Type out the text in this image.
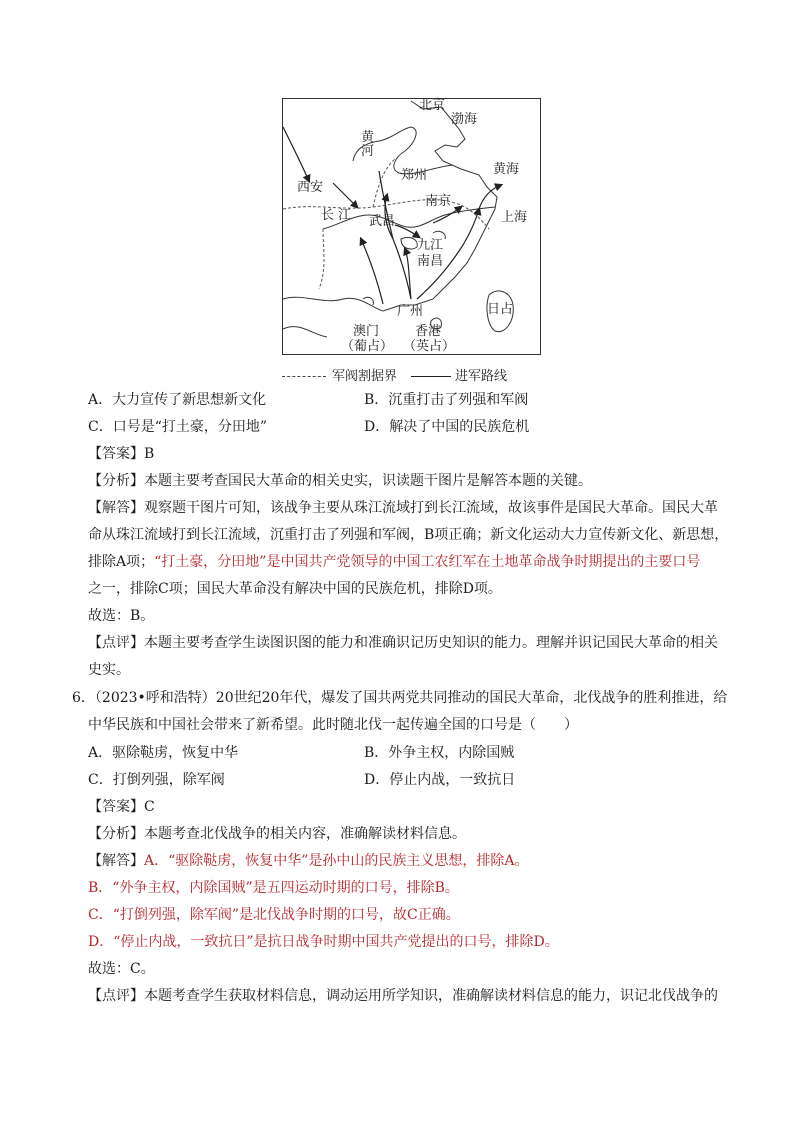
北京
渤海
黄
河
郑州	黄海
西安
南京
长 江 武昌	上海
九江
南昌
广州	日占
澳门	香港
（葡占） （英占）
军阀割据界	进军路线
A．大力宣传了新思想新文化	B．沉重打击了列强和军阀
C．口号是“打土豪，分田地”	D．解决了中国的民族危机
【答案】B
【分析】本题主要考查国民大革命的相关史实，识读题干图片是解答本题的关键。
【解答】观察题干图片可知，该战争主要从珠江流域打到长江流域，故该事件是国民大革命。国民大革
命从珠江流域打到长江流域，沉重打击了列强和军阀，B项正确；新文化运动大力宣传新文化、新思想，
排除A项；“打土豪，分田地”是中国共产党领导的中国工农红军在土地革命战争时期提出的主要口号
之一，排除C项；国民大革命没有解决中国的民族危机，排除D项。
故选：B。
【点评】本题主要考查学生读图识图的能力和准确识记历史知识的能力。理解并识记国民大革命的相关
史实。
6．（2023•呼和浩特）20世纪20年代，爆发了国共两党共同推动的国民大革命，北伐战争的胜利推进，给
中华民族和中国社会带来了新希望。此时随北伐一起传遍全国的口号是（　　）
A．驱除鞑虏，恢复中华	B．外争主权，内除国贼
C．打倒列强，除军阀	D．停止内战，一致抗日
【答案】C
【分析】本题考查北伐战争的相关内容，准确解读材料信息。
【解答】A．“驱除鞑虏，恢复中华”是孙中山的民族主义思想，排除A。
B．“外争主权，内除国贼”是五四运动时期的口号，排除B。
C．“打倒列强，除军阀”是北伐战争时期的口号，故C正确。
D．“停止内战，一致抗日”是抗日战争时期中国共产党提出的口号，排除D。
故选：C。
【点评】本题考查学生获取材料信息，调动运用所学知识，准确解读材料信息的能力，识记北伐战争的
